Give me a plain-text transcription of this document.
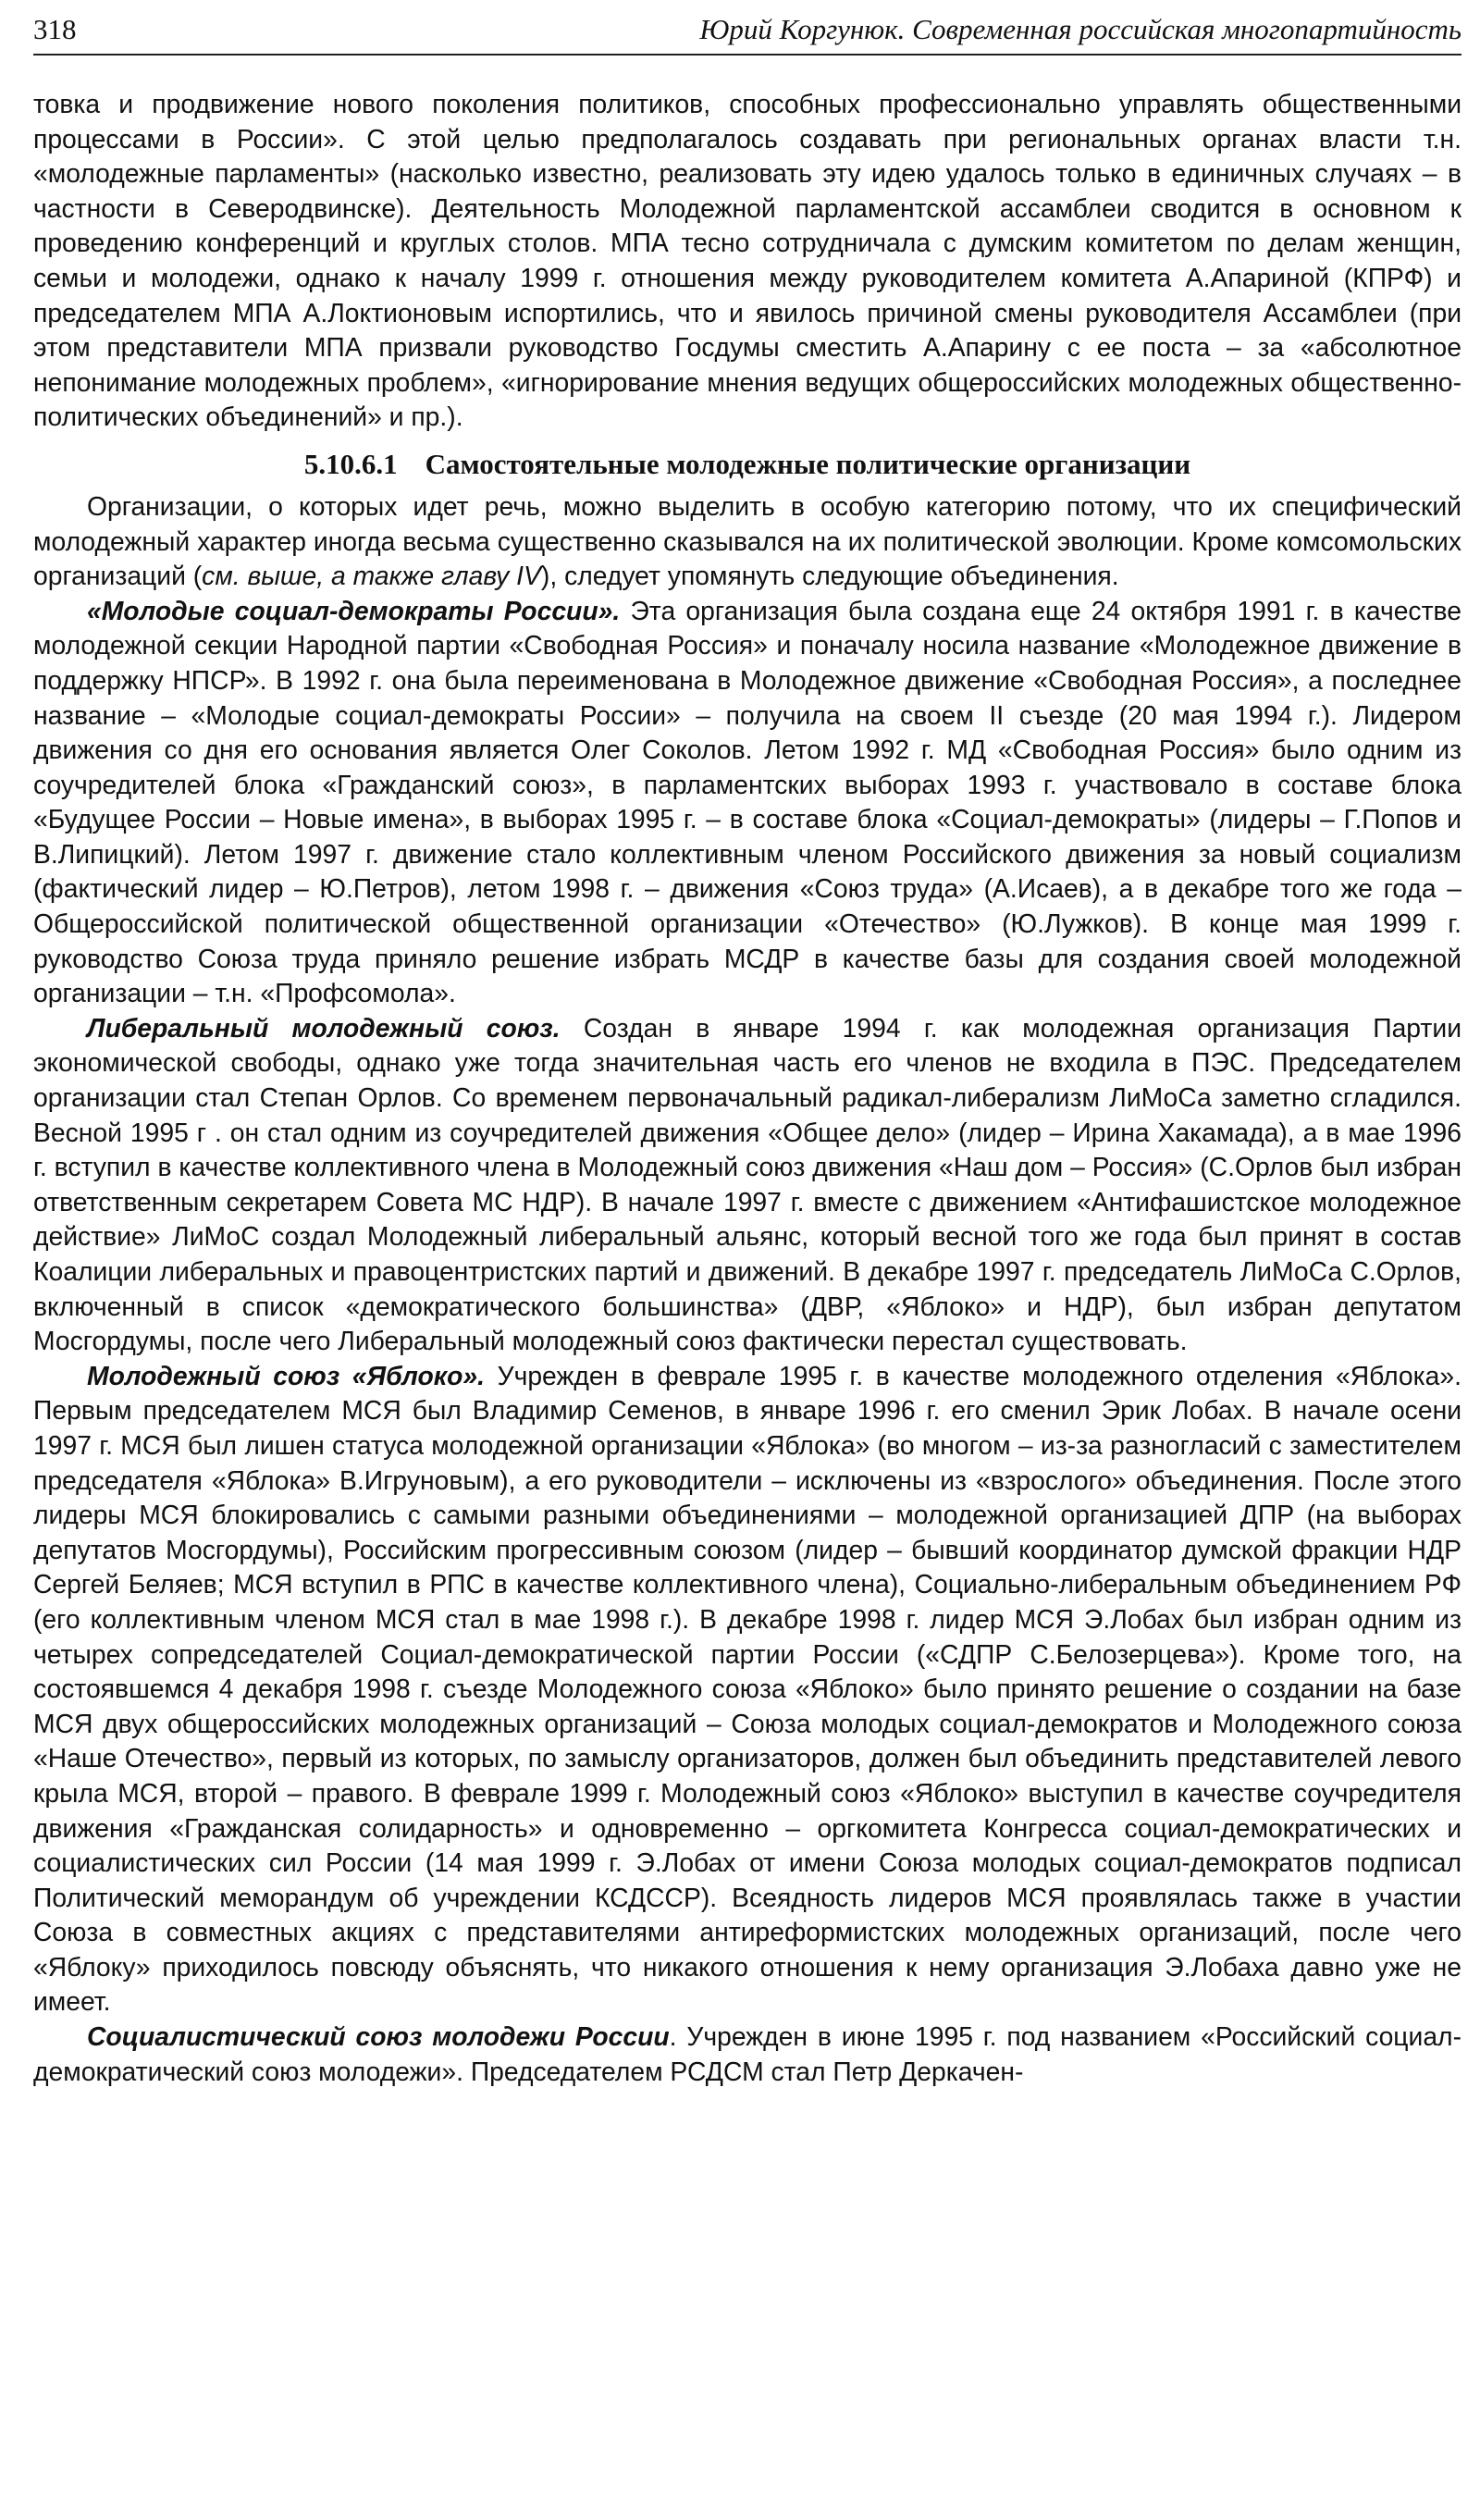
318	Юрий Коргунюк. Современная российская многопартийность

товка и продвижение нового поколения политиков, способных профессионально управлять общественными процессами в России». С этой целью предполагалось создавать при региональных органах власти т.н. «молодежные парламенты» (насколько известно, реализовать эту идею удалось только в единичных случаях – в частности в Северодвинске). Деятельность Молодежной парламентской ассамблеи сводится в основном к проведению конференций и круглых столов. МПА тесно сотрудничала с думским комитетом по делам женщин, семьи и молодежи, однако к началу 1999 г. отношения между руководителем комитета А.Апариной (КПРФ) и председателем МПА А.Локтионовым испортились, что и явилось причиной смены руководителя Ассамблеи (при этом представители МПА призвали руководство Госдумы сместить А.Апарину с ее поста – за «абсолютное непонимание молодежных проблем», «игнорирование мнения ведущих общероссийских молодежных общественно-политических объединений» и пр.).

5.10.6.1 Самостоятельные молодежные политические организации

Организации, о которых идет речь, можно выделить в особую категорию потому, что их специфический молодежный характер иногда весьма существенно сказывался на их политической эволюции. Кроме комсомольских организаций (см. выше, а также главу IV), следует упомянуть следующие объединения.

«Молодые социал-демократы России». Эта организация была создана еще 24 октября 1991 г. в качестве молодежной секции Народной партии «Свободная Россия» и поначалу носила название «Молодежное движение в поддержку НПСР». В 1992 г. она была переименована в Молодежное движение «Свободная Россия», а последнее название – «Молодые социал-демократы России» – получила на своем II съезде (20 мая 1994 г.). Лидером движения со дня его основания является Олег Соколов. Летом 1992 г. МД «Свободная Россия» было одним из соучредителей блока «Гражданский союз», в парламентских выборах 1993 г. участвовало в составе блока «Будущее России – Новые имена», в выборах 1995 г. – в составе блока «Социал-демократы» (лидеры – Г.Попов и В.Липицкий). Летом 1997 г. движение стало коллективным членом Российского движения за новый социализм (фактический лидер – Ю.Петров), летом 1998 г. – движения «Союз труда» (А.Исаев), а в декабре того же года – Общероссийской политической общественной организации «Отечество» (Ю.Лужков). В конце мая 1999 г. руководство Союза труда приняло решение избрать МСДР в качестве базы для создания своей молодежной организации – т.н. «Профсомола».

Либеральный молодежный союз. Создан в январе 1994 г. как молодежная организация Партии экономической свободы, однако уже тогда значительная часть его членов не входила в ПЭС. Председателем организации стал Степан Орлов. Со временем первоначальный радикал-либерализм ЛиМоСа заметно сгладился. Весной 1995 г . он стал одним из соучредителей движения «Общее дело» (лидер – Ирина Хакамада), а в мае 1996 г. вступил в качестве коллективного члена в Молодежный союз движения «Наш дом – Россия» (С.Орлов был избран ответственным секретарем Совета МС НДР). В начале 1997 г. вместе с движением «Антифашистское молодежное действие» ЛиМоС создал Молодежный либеральный альянс, который весной того же года был принят в состав Коалиции либеральных и правоцентристских партий и движений. В декабре 1997 г. председатель ЛиМоСа С.Орлов, включенный в список «демократического большинства» (ДВР, «Яблоко» и НДР), был избран депутатом Мосгордумы, после чего Либеральный молодежный союз фактически перестал существовать.

Молодежный союз «Яблоко». Учрежден в феврале 1995 г. в качестве молодежного отделения «Яблока». Первым председателем МСЯ был Владимир Семенов, в январе 1996 г. его сменил Эрик Лобах. В начале осени 1997 г. МСЯ был лишен статуса молодежной организации «Яблока» (во многом – из-за разногласий с заместителем председателя «Яблока» В.Игруновым), а его руководители – исключены из «взрослого» объединения. После этого лидеры МСЯ блокировались с самыми разными объединениями – молодежной организацией ДПР (на выборах депутатов Мосгордумы), Российским прогрессивным союзом (лидер – бывший координатор думской фракции НДР Сергей Беляев; МСЯ вступил в РПС в качестве коллективного члена), Социально-либеральным объединением РФ (его коллективным членом МСЯ стал в мае 1998 г.). В декабре 1998 г. лидер МСЯ Э.Лобах был избран одним из четырех сопредседателей Социал-демократической партии России («СДПР С.Белозерцева»). Кроме того, на состоявшемся 4 декабря 1998 г. съезде Молодежного союза «Яблоко» было принято решение о создании на базе МСЯ двух общероссийских молодежных организаций – Союза молодых социал-демократов и Молодежного союза «Наше Отечество», первый из которых, по замыслу организаторов, должен был объединить представителей левого крыла МСЯ, второй – правого. В феврале 1999 г. Молодежный союз «Яблоко» выступил в качестве соучредителя движения «Гражданская солидарность» и одновременно – оргкомитета Конгресса социал-демократических и социалистических сил России (14 мая 1999 г. Э.Лобах от имени Союза молодых социал-демократов подписал Политический меморандум об учреждении КСДССР). Всеядность лидеров МСЯ проявлялась также в участии Союза в совместных акциях с представителями антиреформистских молодежных организаций, после чего «Яблоку» приходилось повсюду объяснять, что никакого отношения к нему организация Э.Лобаха давно уже не имеет.

Социалистический союз молодежи России. Учрежден в июне 1995 г. под названием «Российский социал-демократический союз молодежи». Председателем РСДСМ стал Петр Деркачен-
